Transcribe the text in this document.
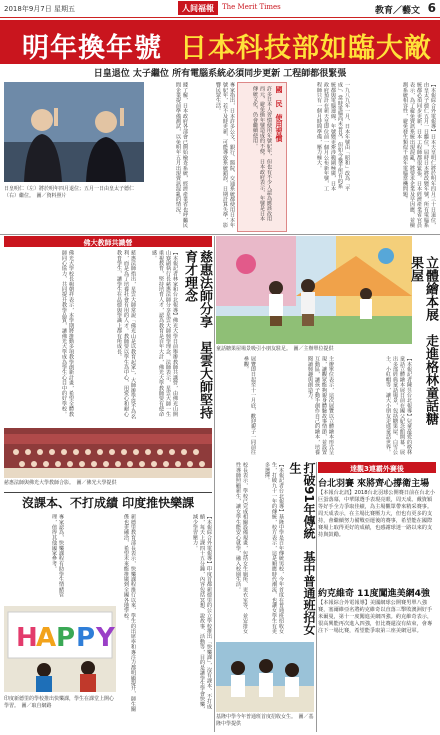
2018年9月7日 星期五	人间福報	The Merit Times	教育／藝文 6
明年換年號 日本科技部如臨大敵
日皇退位 太子繼位 所有電腦系統必須同步更新 工程師都很緊張
日皇明仁（左）將於明年四月退位；五月一日由皇太子德仁（右）繼位。　圖／資料照片	據了解，日本政府各部會已開始檢查系統，經濟產業省也呼籲民間企業提前準備測試，以免明年五月出現資訊混亂的情況。	專家指出，日本許多公文、銀行、醫院、交通系統都使用日本年號紀年，若不及時更新，可能導致系統錯誤、日期計算失準，影響民眾生活。	國　民　使用習慣
許多日本人習慣使用年號紀年，但也有不少人認為應該改用西元，避免換年號造成的不便。日本政府表示，年號是日本傳統文化，仍會繼續使用。	一九八九年一月，日本年號由「昭和」改為「平成」，當時電腦尚未普及，但如今幾乎所有的系統都與電腦連線，年號變更牽涉範圍極廣，日本政府預計在新天皇即位前一個月公布新年號，工程師只有一個月時間準備，壓力極大。	【本報綜合外電報導】日本天皇明仁將於明年四月三十日退位，由皇太子德仁五月一日繼位，屆時日本將改變年號，所有電腦系統都必須同步更新，日本工程師都很緊張。日本經濟產業省官員表示，為了避免資訊系統出現混亂，將要求企業及早因應，並檢測系統相容性，避免發生類似千禧年電腦當機問題。
佛大教師共識營
佛光大學校長楊朝祥表示，本學期將推動多項教學創新計畫，希望全體教師同心協力，共同提升教學品質，讓佛光大學成為學生心目中的好學校。	慈惠法師指出，星雲大師常說「佛光山是以教育起家」，大師辦學從不為名利，而是為了培養社會有用的人才。教師要以學生為中心，用愛心和耐心教育學生，讓學生在品德與學識上都有所成長。	【本報記者林家和台北報導】佛光大學日前舉辦教師共識營，由佛光山開山寮副執行長慈惠法師分享星雲大師興學理念，法師表示，星雲大師一生重視教育，堅持培育人才，認為教育是百年大計，佛光大學教師要有使命感。	慈惠法師分享　星雲大師堅持育才理念
慈惠法師與佛光大學教師合影。　圖／佛光大學提供
立體繪本展　走進格林童話糖果屋
童話糖果屋場景吸引小朋友駐足。　圖／主辦單位提供
展覽即日起至十一月底，歡迎親子一同前往參觀。	主辦單位表示，這次展覽以立體繪本形式呈現，讓觀眾能夠親身體驗故事情節，並設置互動區，讓孩子動手創作自己的繪本，培養閱讀興趣與創造力。	【本報記者陳昱台北報導】兒童最愛的格林童話立體繪本展日前在國父紀念館開幕，展出多部經典童話場景，包括糖果屋、白雪公主、小紅帽等，讓大小朋友走進童話世界。
打破91年傳統　基中普通班招女生
校長表示，學校已完成相關設備規畫，包括女生廁所、更衣室等，並安排女性導師照顧新生，讓女學生能安心就學，融入校園生活。	【本報記者台北報導】基隆中學是百年傳統男校，今年首度在普通班招收女生，打破九十一年的傳統，校方表示，這是順應時代潮流，也讓女學生有更多選擇。
基隆中學今年普通班首度招收女生。　圖／基隆中學提供
達觀3連霸外賽後
台北羽賽 來將齊心撐衛主場
【本報台北訊】2018台北羽球公開賽日前在台北小巨蛋落幕，中華隊選手表現亮眼，周天成、戴資穎等好手全力爭取佳績，為主場觀眾帶來精采賽事。周天成表示，在主場比賽壓力大，但也有更多的支持，會繼續努力備戰亞運後的賽事，希望能在國際賽場上取得更好的成績，也感謝球迷一路以來的支持與鼓勵。
約克維奇 11度闖進美網4強
【本報綜合外電報導】美國網球公開賽男單八強賽，塞爾維亞名將約克維奇以直落三擊敗澳洲好手米爾曼，第十一度闖進美網四強。約克維奇表示，很高興能再次進入四強，但比賽還沒有結束，會專注下一場比賽，希望能爭取第三座美網冠軍。
沒課本、不打成績 印度推快樂課
專家認為，快樂課程有助學生情緒管理，值得其他國家參考。	新德里教育部長表示，快樂課程推行以來，學生的出席率和專注力都明顯提升，師生關係也更融洽，希望未來能推廣到全國各地學校。	【本報綜合外電報導】印度首都新德里的公立學校推出「快樂課」，沒有課本、不打成績，每天上課四十五分鐘，內容包括冥想、說故事、活動等，目的是讓學生學會快樂，減少學習壓力。
H
A P P Y
印度新德里的學校推出快樂課，學生在課堂上開心學習。　圖／取自網路
